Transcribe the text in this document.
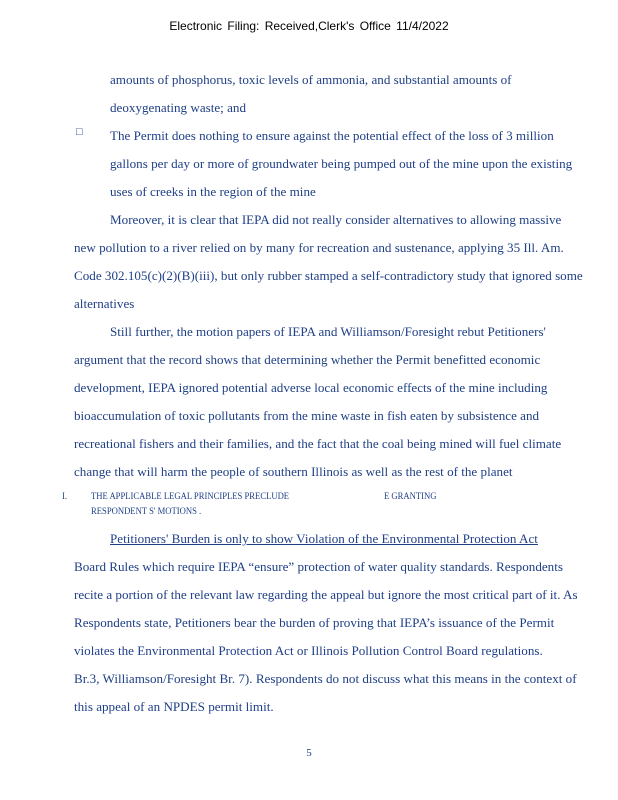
Electronic Filing: Received,Clerk's Office 11/4/2022
amounts of phosphorus, toxic levels of ammonia, and substantial amounts of
deoxygenating waste; and
□ The Permit does nothing to ensure against the potential effect of the loss of 3 million
gallons per day or more of groundwater being pumped out of the mine upon the existing
uses of creeks in the region of the mine
Moreover, it is clear that IEPA did not really consider alternatives to allowing massive
new pollution to a river relied on by many for recreation and sustenance, applying 35 Ill. Am.
Code 302.105(c)(2)(B)(iii), but only rubber stamped a self-contradictory study that ignored some
alternatives
Still further, the motion papers of IEPA and Williamson/Foresight rebut Petitioners'
argument that the record shows that determining whether the Permit benefitted economic
development, IEPA ignored potential adverse local economic effects of the mine including
bioaccumulation of toxic pollutants from the mine waste in fish eaten by subsistence and
recreational fishers and their families, and the fact that the coal being mined will fuel climate
change that will harm the people of southern Illinois as well as the rest of the planet
I.	THE APPLICABLE LEGAL PRINCIPLES PRECLUDE	E GRANTING
RESPONDENT S' MOTIONS .
Petitioners' Burden is only to show Violation of the Environmental Protection Act
Board Rules which require IEPA “ensure” protection of water quality standards. Respondents
recite a portion of the relevant law regarding the appeal but ignore the most critical part of it. As
Respondents state, Petitioners bear the burden of proving that IEPA’s issuance of the Permit
violates the Environmental Protection Act or Illinois Pollution Control Board regulations.
Br.3, Williamson/Foresight Br. 7). Respondents do not discuss what this means in the context of
this appeal of an NPDES permit limit.
5
